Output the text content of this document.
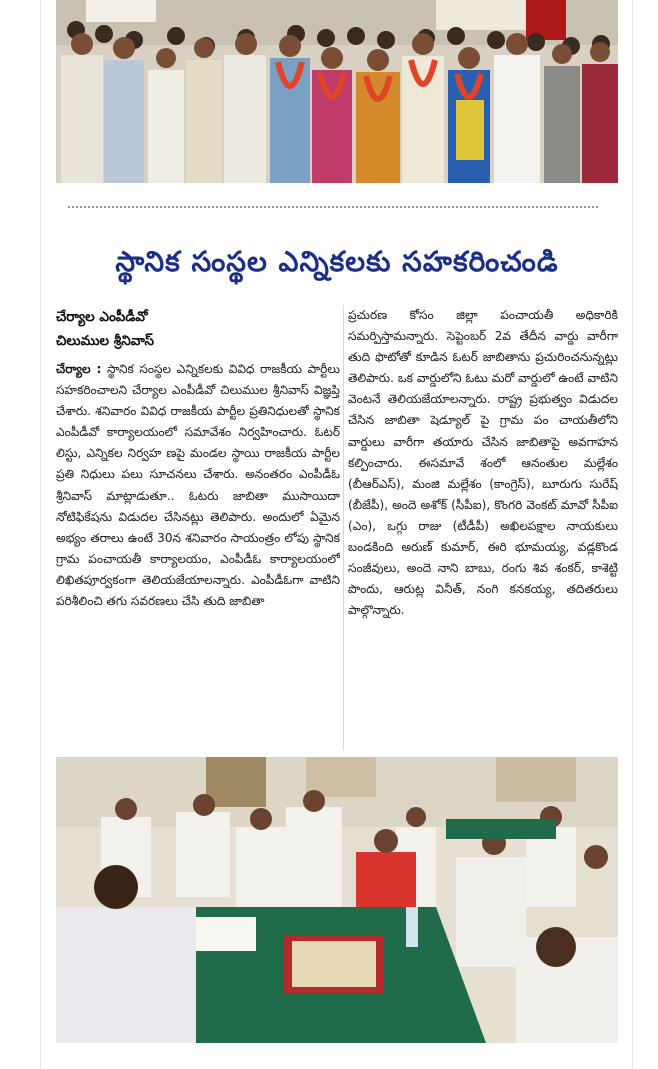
స్థానిక సంస్థల ఎన్నికలకు సహకరించండి

చేర్యాల ఎంపీడీవో

చిలుముల శ్రీనివాస్

చేర్యాల : స్థానిక సంస్థల ఎన్నికలకు వివిధ రాజకీయ పార్టీలు సహకరించాలని చేర్యాల ఎంపీడీవో చిలుముల శ్రీనివాస్ విజ్ఞప్తి చేశారు. శనివారం వివిధ రాజకీయ పార్టీల ప్రతినిధులతో స్థానిక ఎంపీడీవో కార్యాలయంలో సమావేశం నిర్వహించారు. ఓటర్ లిస్టు, ఎన్నికల నిర్వహ ణపై మండల స్థాయి రాజకీయ పార్టీల ప్రతి నిధులు పలు సూచనలు చేశారు. అనంతరం ఎంపీడీఓ శ్రీనివాస్ మాట్లాడుతూ.. ఓటరు జాబితా ముసాయిదా నోటిఫికేషను విడుదల చేసినట్లు తెలిపారు. అందులో ఏమైన అభ్యం తరాలు ఉంటే 30న శనివారం సాయంత్రం లోపు స్థానిక గ్రామ పంచాయతీ కార్యాలయం, ఎంపీడీఓ కార్యాలయంలో లిఖితపూర్వకంగా తెలియజేయాలన్నారు. ఎంపీడీఓగా వాటిని పరిశీలించి తగు సవరణలు చేసి తుది జాబితా

ప్రచురణ కోసం జిల్లా పంచాయతీ అధికారికి సమర్పిస్తామన్నారు. సెప్టెంబర్ 2వ తేదీన వార్డు వారీగా తుది ఫొటోతో కూడిన ఓటర్ జాబితాను ప్రచురించనున్నట్లు తెలిపారు. ఒక వార్డులోని ఓటు మరో వార్డులో ఉంటే వాటిని వెంటనే తెలియజేయాలన్నారు. రాష్ట్ర ప్రభుత్వం విడుదల చేసిన జాబితా షెడ్యూల్ పై గ్రామ పం చాయతీలోని వార్డులు వారీగా తయారు చేసిన జాబితాపై అవగాహన కల్పించారు. ఈసమావే శంలో ఆనంతుల మల్లేశం (బీఆర్ఎస్), మంజి మల్లేశం (కాంగ్రెస్), బూరుగు సురేష్ (బీజేపీ), అందె అశోక్ (సీపీఐ), కొంగరి వెంకట్ మావో సీపీఐ (ఎం), ఒగ్గు రాజు (టీడీపీ) అఖిలపక్షాల నాయకులు బండకింది అరుణ్ కుమార్, ఈరి భూమయ్య, వడ్లకొండ సంజీవులు, అందె నాని బాబు, రంగు శివ శంకర్, కాశెట్టి పొందు, ఆరుట్ల వినీత్, నంగి కనకయ్య, తదితరులు పాల్గొన్నారు.
